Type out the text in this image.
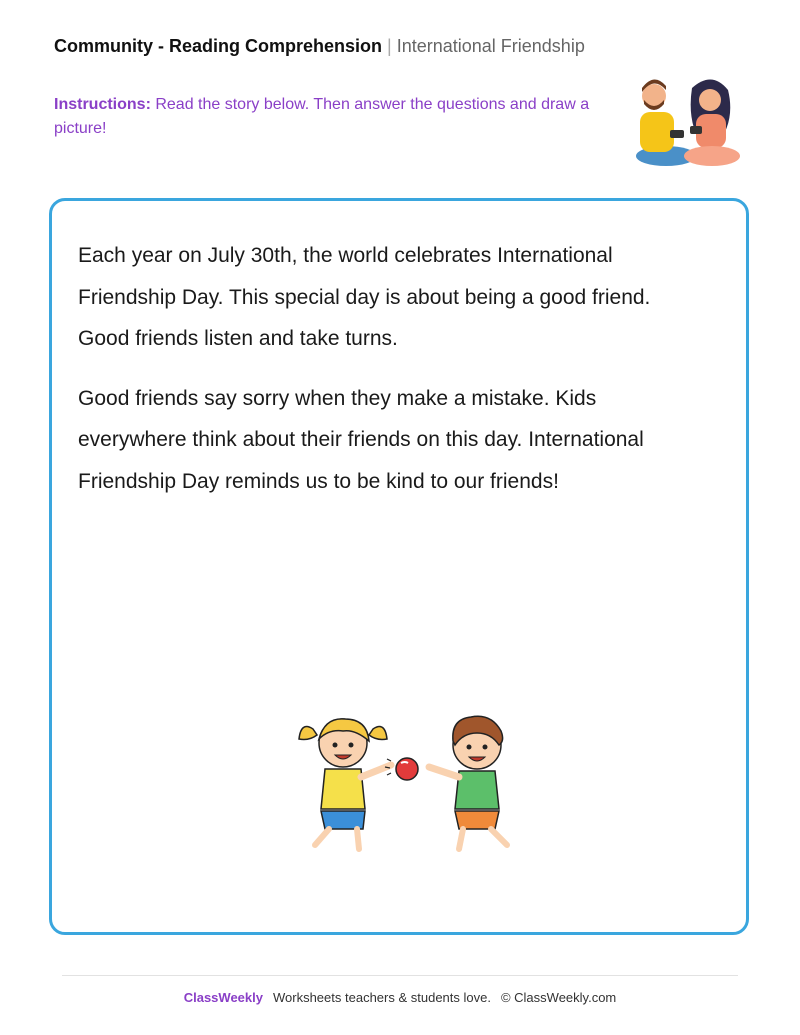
Community - Reading Comprehension | International Friendship
Instructions: Read the story below. Then answer the questions and draw a picture!

Each year on July 30th, the world celebrates International Friendship Day. This special day is about being a good friend. Good friends listen and take turns.

Good friends say sorry when they make a mistake. Kids everywhere think about their friends on this day. International Friendship Day reminds us to be kind to our friends!

ClassWeekly Worksheets teachers & students love. © ClassWeekly.com
